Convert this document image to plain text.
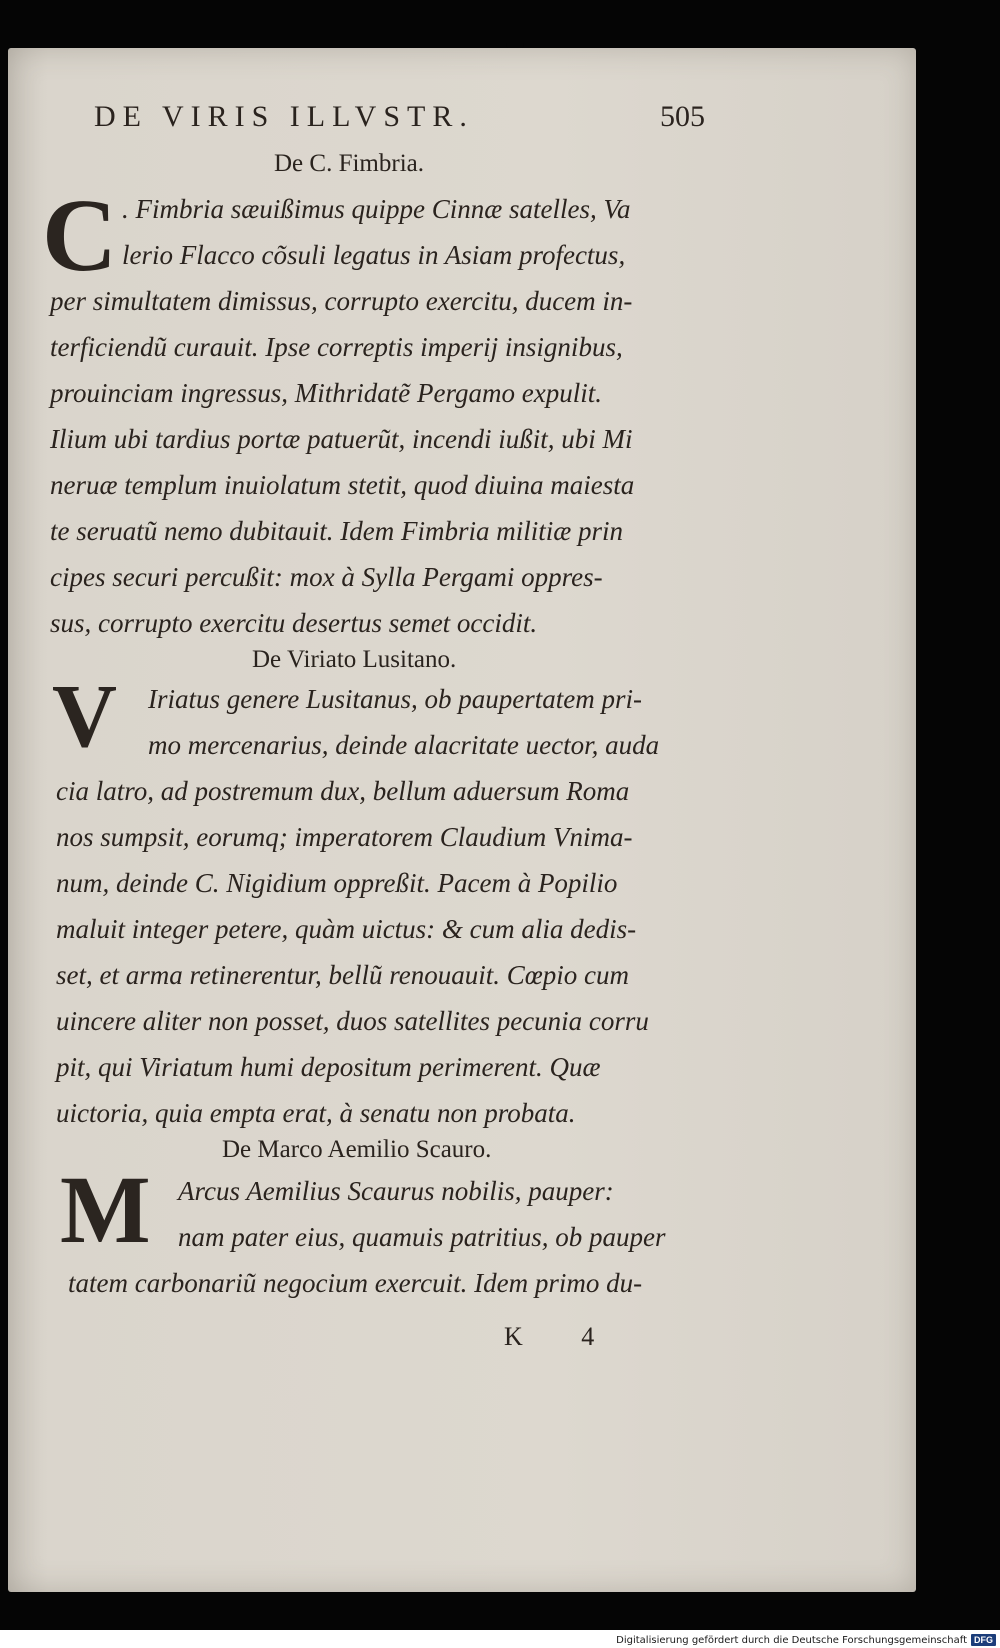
DE VIRIS ILLVSTR.	505
De C. Fimbria.
C . Fimbria sæuißimus quippe Cinnæ satelles, Va
lerio Flacco cõsuli legatus in Asiam profectus,
per simultatem dimissus, corrupto exercitu, ducem in-
terficiendũ curauit. Ipse correptis imperij insignibus,
prouinciam ingressus, Mithridatẽ Pergamo expulit.
Ilium ubi tardius portæ patuerũt, incendi iußit, ubi Mi
neruæ templum inuiolatum stetit, quod diuina maiesta
te seruatũ nemo dubitauit. Idem Fimbria militiæ prin
cipes securi percußit: mox à Sylla Pergami oppres-
sus, corrupto exercitu desertus semet occidit.
De Viriato Lusitano.
V Iriatus genere Lusitanus, ob paupertatem pri-
mo mercenarius, deinde alacritate uector, auda
cia latro, ad postremum dux, bellum aduersum Roma
nos sumpsit, eorumq; imperatorem Claudium Vnima-
num, deinde C. Nigidium oppreßit. Pacem à Popilio
maluit integer petere, quàm uictus: & cum alia dedis-
set, et arma retinerentur, bellũ renouauit. Cœpio cum
uincere aliter non posset, duos satellites pecunia corru
pit, qui Viriatum humi depositum perimerent. Quæ
uictoria, quia empta erat, à senatu non probata.
De Marco Aemilio Scauro.
M Arcus Aemilius Scaurus nobilis, pauper:
nam pater eius, quamuis patritius, ob pauper
tatem carbonariũ negocium exercuit. Idem primo du-
K 4
Digitalisierung gefördert durch die Deutsche Forschungsgemeinschaft DFG
